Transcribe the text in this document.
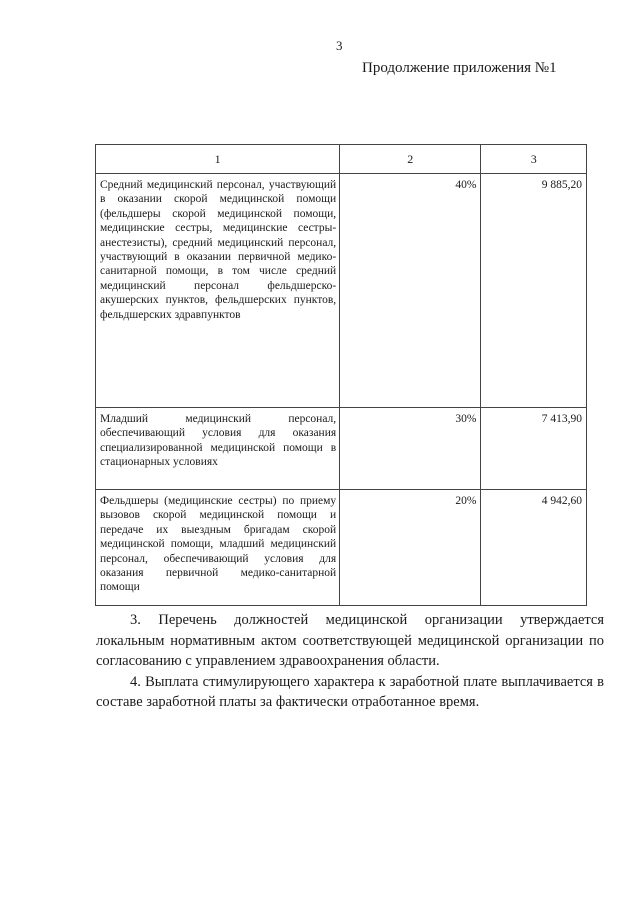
3
Продолжение приложения №1
1	2	3

Средний медицинский персонал, участвующий в оказании скорой медицинской помощи (фельдшеры скорой медицинской помощи, медицинские сестры, медицинские сестры-анестезисты), средний медицинский персонал, участвующий в оказании первичной медико-санитарной помощи, в том числе средний медицинский персонал фельдшерско-акушерских пунктов, фельдшерских пунктов, фельдшерских здравпунктов	40%	9 885,20

Младший медицинский персонал, обеспечивающий условия для оказания специализированной медицинской помощи в стационарных условиях	30%	7 413,90

Фельдшеры (медицинские сестры) по приему вызовов скорой медицинской помощи и передаче их выездным бригадам скорой медицинской помощи, младший медицинский персонал, обеспечивающий условия для оказания первичной медико-санитарной помощи	20%	4 942,60

3. Перечень должностей медицинской организации утверждается локальным нормативным актом соответствующей медицинской организации по согласованию с управлением здравоохранения области.

4. Выплата стимулирующего характера к заработной плате выплачивается в составе заработной платы за фактически отработанное время.
